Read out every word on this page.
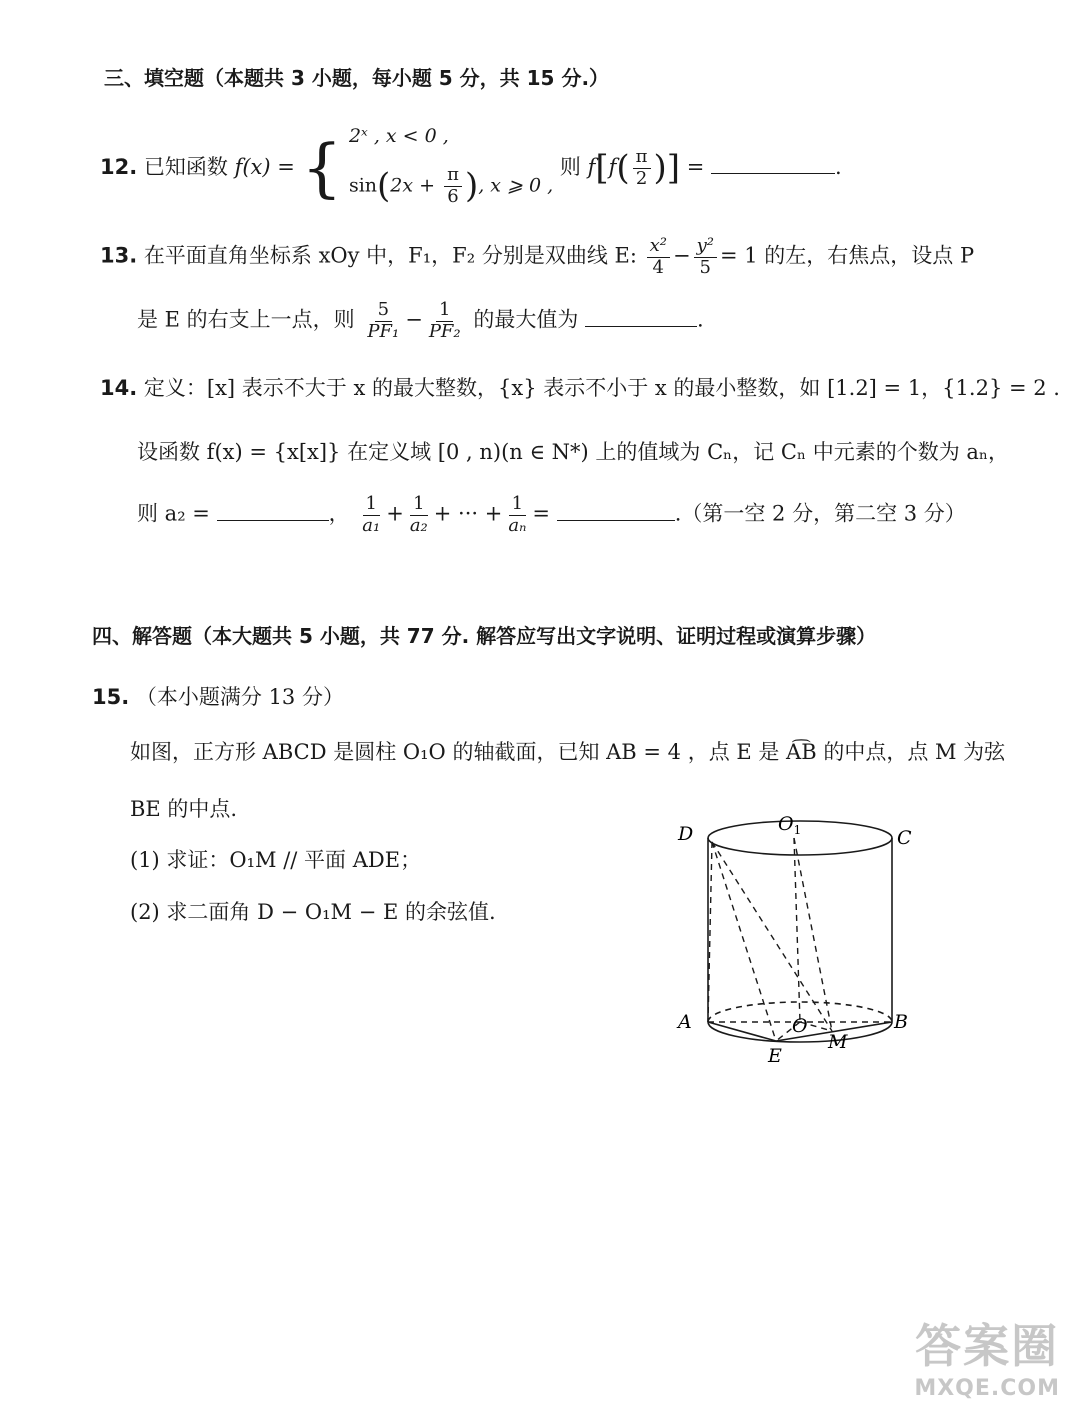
三、填空题（本题共 3 小题，每小题 5 分，共 15 分.）
12. 已知函数 f(x) = { 2ˣ , x < 0 ,
$\sin(2x + \frac{\pi}{6}$ ), x ⩾ 0 ,
则 $f[f( \frac{\pi}{2}$ )] =	.
13. 在平面直角坐标系 xOy 中，F₁，F₂ 分别是双曲线 E: $\frac{\text{x²}}{4} - \frac{\text{y²}}{5} = 1$ 的左，右焦点，设点 P
是 E 的右支上一点，则 $\frac{5}{\text{PF₁}} - \frac{1}{\text{PF₂}}$ 的最大值为	.
14. 定义：[x] 表示不大于 x 的最大整数，{x} 表示不小于 x 的最小整数，如 [1.2] = 1，{1.2} = 2 .
设函数 f(x) = {x[x]} 在定义域 [0 , n)(n ∈ N*) 上的值域为 Cₙ，记 Cₙ 中元素的个数为 aₙ，
则 a₂ =	， $\frac{1}{\text{a₁}} + \frac{1}{\text{a₂}}$ + ··· + $\frac{1}{\text{aₙ}}$ =	.（第一空 2 分，第二空 3 分）
四、解答题（本大题共 5 小题，共 77 分. 解答应写出文字说明、证明过程或演算步骤）
15. （本小题满分 13 分）
如图，正方形 ABCD 是圆柱 O₁O 的轴截面，已知 AB = 4 ，点 E 是 A͡B 的中点，点 M 为弦
BE 的中点.
(1) 求证：O₁M // 平面 ADE；
(2) 求二面角 D − O₁M − E 的余弦值.
D	$O_1$	C
A	O	B
M
E
答案圈
MXQE.COM
